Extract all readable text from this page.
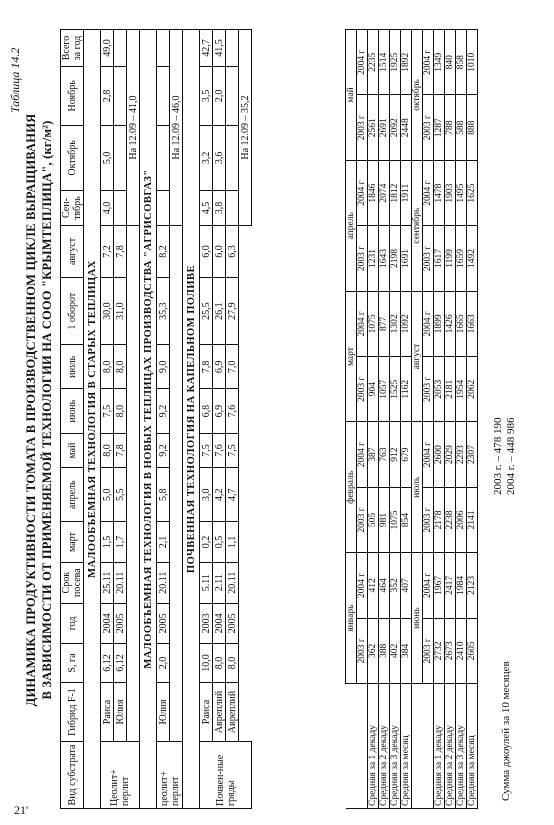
21'
Таблица 14.2
ДИНАМИКА ПРОДУКТИВНОСТИ ТОМАТА В ПРОИЗВОДСТВЕННОМ ЦИКЛЕ ВЫРАЩИВАНИЯ В ЗАВИСИМОСТИ ОТ ПРИМЕНЯЕМОЙ ТЕХНОЛОГИИ НА СООО "КРЫМТЕПЛИЦА", (кг/м²)
Вид субстрата	Гибрид F-1	S, га	год	Срок посева	март	апрель	май	июнь	июль	1 оборот	август	Сен-тябрь	Октябрь	Ноябрь	Всего за год
МАЛООБЪЕМНАЯ ТЕХНОЛОГИЯ В СТАРЫХ ТЕПЛИЦАХ															
Цеолит+ перлит	Раиса	6,12	2004	25.11	1,5	5,0	8,0	7,5	8,0	30,0	7,2	4,0	5,0	2,8	49,0
	Юлия	6,12	2005	20.11	1,7	5,5	7,8	8,0	8,0	31,0	7,8				
												На 12.09 – 41,0			
МАЛООБЪЕМНАЯ ТЕХНОЛОГИЯ В НОВЫХ ТЕПЛИЦАХ ПРОИЗВОДСТВА "АГРИСОВГАЗ"															
цеолит+ перлит	Юлия	2,0	2005	20.11	2,1	5,8	9,2	9,2	9,0	35,3	8,2				
												На 12.09 – 46,0			
ПОЧВЕННАЯ ТЕХНОЛОГИЯ НА КАПЕЛЬНОМ ПОЛИВЕ															
Почвен-ные гряды	Раиса	10,0	2003	5.11	0,2	3,0	7,5	6,8	7,8	25,5	6,0	4,5	3,2	3,5	42,7
	Авреплий	8,0	2004	2.11	0,5	4,2	7,6	6,9	6,9	26,1	6,0	3,8	3,6	2,0	41,5
	Авреплий	8,0	2005	20.11	1,1	4,7	7,5	7,6	7,0	27,9	6,3				
												На 12.09 – 35,2			
	январь		февраль		март		апрель		май	
	2003 г	2004 г	2003 г	2004 г	2003 г	2004 г	2003 г	2004 г	2003 г	2004 г
Средняя за 1 декаду	362	412	505	387	904	1075	1231	1846	2561	2235
Средняя за 2 декаду	388	464	981	763	1057	877	1643	2074	2691	1514
Средняя за 3 декаду	402	352	1075	912	1525	1302	2198	1812	2092	1925
Средняя за месяц	384	407	854	679	1162	1092	1691	1911	2448	1892
	июнь		июль		август		сентябрь		октябрь	
	2003 г	2004 г	2003 г	2004 г	2003 г	2004 г	2003 г	2004 г	2003 г	2004 г
Средняя за 1 декаду	2732	1967	2178	2600	2053	1899	1617	1478	1287	1349
Средняя за 2 декаду	2673	2417	2238	2029	2181	1426	1199	1903	788	840
Средняя за 3 декаду	2410	1984	2006	2293	1954	1665	1659	1495	588	858
Средняя за месяц	2605	2123	2141	2307	2062	1663	1492	1625	888	1010
Сумма джоулей за 10 месяцев
2003 г. – 478 190 2004 г. – 448 986
